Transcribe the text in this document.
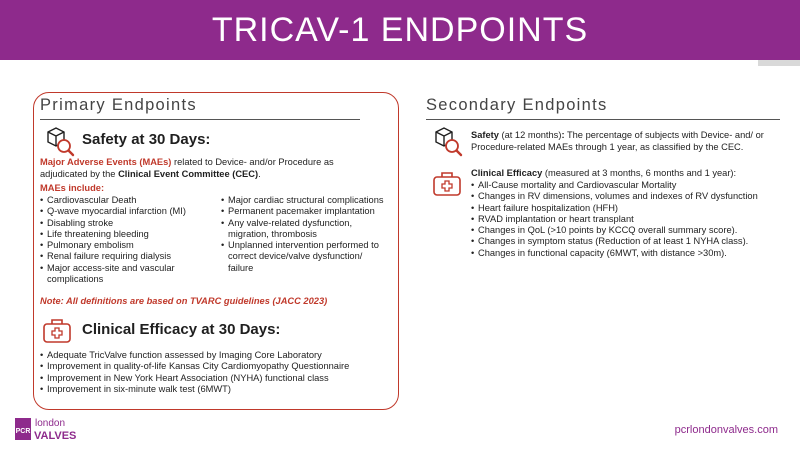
TRICAV-1 ENDPOINTS
Primary Endpoints
Safety at 30 Days:
Major Adverse Events (MAEs) related to Device- and/or Procedure as adjudicated by the Clinical Event Committee (CEC).
MAEs include:
• Cardiovascular Death
• Q-wave myocardial infarction (MI)
• Disabling stroke
• Life threatening bleeding
• Pulmonary embolism
• Renal failure requiring dialysis
• Major access-site and vascular complications
• Major cardiac structural complications
• Permanent pacemaker implantation
• Any valve-related dysfunction, migration, thrombosis
• Unplanned intervention performed to correct device/valve dysfunction/ failure
Note: All definitions are based on TVARC guidelines (JACC 2023)
Clinical Efficacy at 30 Days:
• Adequate TricValve function assessed by Imaging Core Laboratory
• Improvement in quality-of-life Kansas City Cardiomyopathy Questionnaire
• Improvement in New York Heart Association (NYHA) functional class
• Improvement in six-minute walk test (6MWT)
Secondary Endpoints
Safety (at 12 months): The percentage of subjects with Device- and/ or Procedure-related MAEs through 1 year, as classified by the CEC.
Clinical Efficacy (measured at 3 months, 6 months and 1 year):
• All-Cause mortality and Cardiovascular Mortality
• Changes in RV dimensions, volumes and indexes of RV dysfunction
• Heart failure hospitalization (HFH)
• RVAD implantation or heart transplant
• Changes in QoL (>10 points by KCCQ overall summary score).
• Changes in symptom status (Reduction of at least 1 NYHA class).
• Changes in functional capacity (6MWT, with distance >30m).
PCR
london
VALVES	pcrlondonvalves.com
